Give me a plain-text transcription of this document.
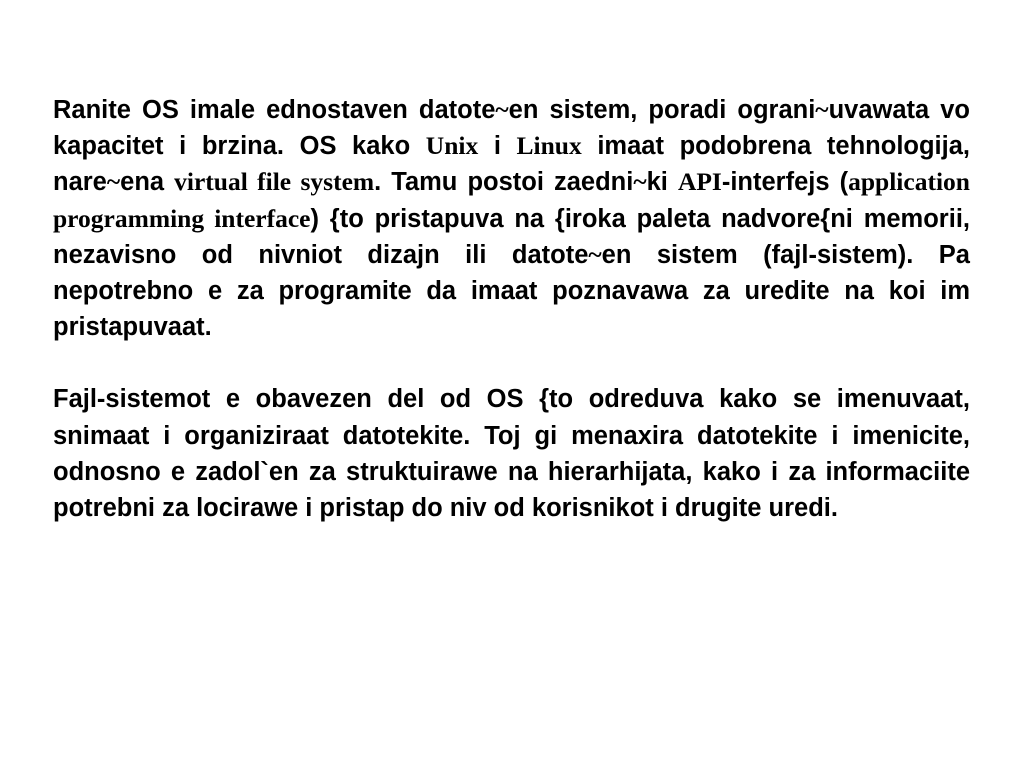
Ranite OS imale ednostaven datote~en sistem, poradi ograni~uvawata vo kapacitet i brzina. OS kako Unix i Linux imaat podobrena tehnologija, nare~ena virtual file system. Tamu postoi zaedni~ki API-interfejs (application programming interface) {to pristapuva na {iroka paleta nadvore{ni memorii, nezavisno od nivniot dizajn ili datote~en sistem (fajl-sistem). Pa nepotrebno e za programite da imaat poznavawa za uredite na koi im pristapuvaat.

Fajl-sistemot e obavezen del od OS {to odreduva kako se imenuvaat, snimaat i organiziraat datotekite. Toj gi menaxira datotekite i imenicite, odnosno e zadol`en za struktuirawe na hierarhijata, kako i za informaciite potrebni za locirawe i pristap do niv od korisnikot i drugite uredi.
